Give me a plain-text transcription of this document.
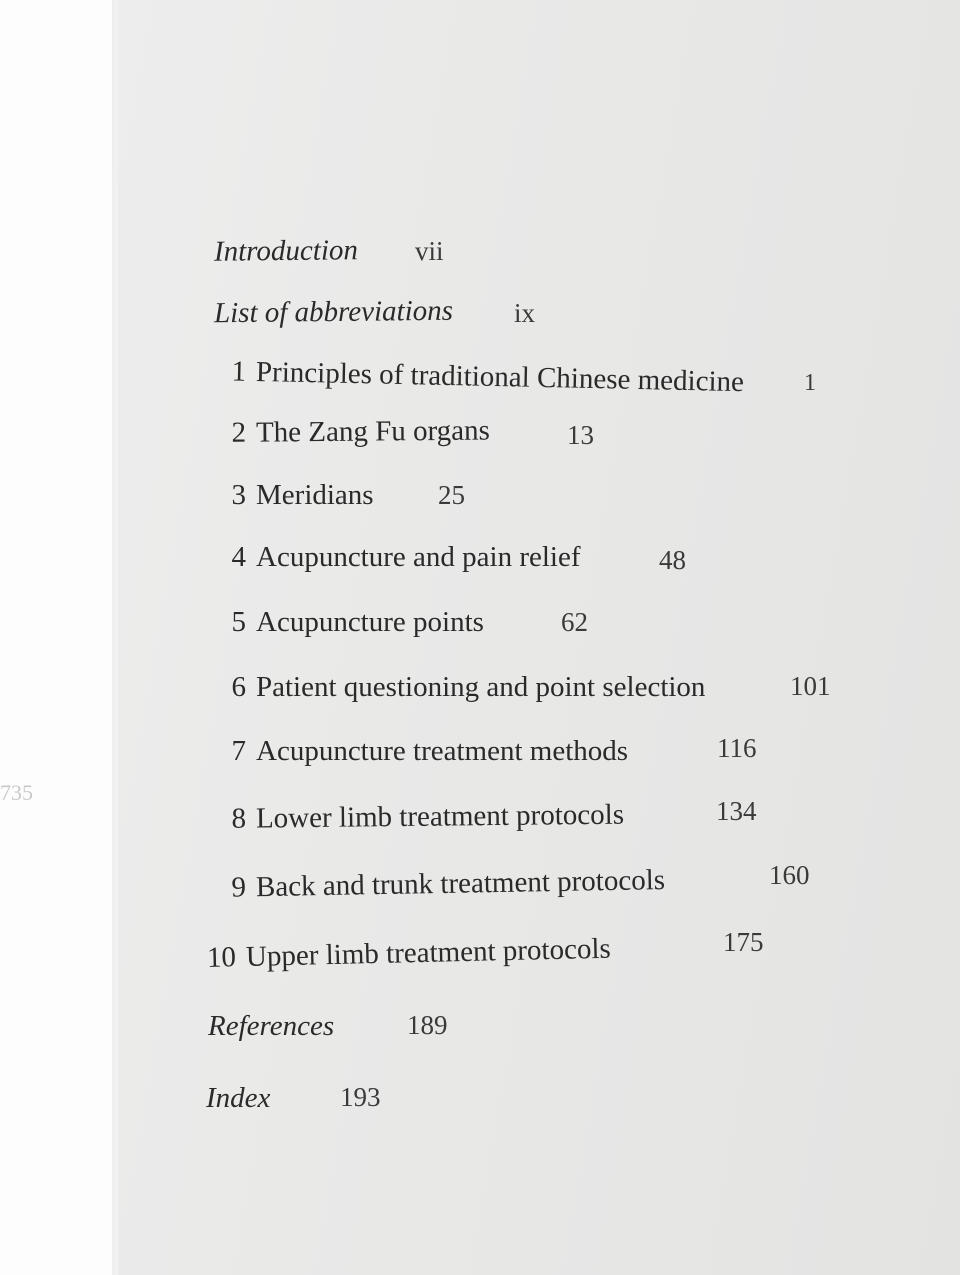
735
Introduction vii
List of abbreviations ix
1 Principles of traditional Chinese medicine 1
2 The Zang Fu organs	13
3 Meridians 25
4 Acupuncture and pain relief	48
5 Acupuncture points	62
6 Patient questioning and point selection	101
7 Acupuncture treatment methods	116
8 Lower limb treatment protocols	134
9 Back and trunk treatment protocols	160
10 Upper limb treatment protocols	175
References	189
Index	193
